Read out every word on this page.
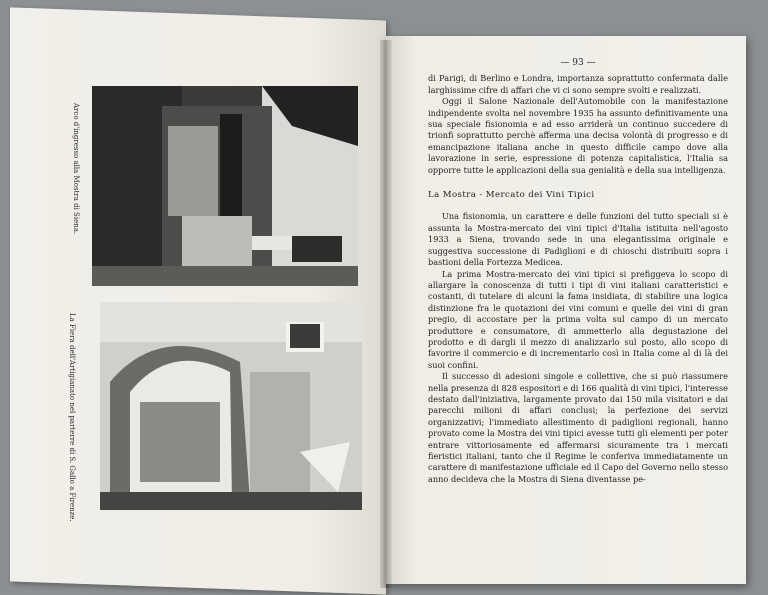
Arco d'ingresso alla Mostra di Siena.
La Fiera dell'Artigianato nel parterre di S. Gallo a Firenze.
— 93 —

di Parigi, di Berlino e Londra, importanza soprattutto confermata dalle larghissime cifre di affari che vi ci sono sempre svolti e realizzati.

Oggi il Salone Nazionale dell'Automobile con la manifestazione indipendente svolta nel novembre 1935 ha assunto definitivamente una sua speciale fisionomia e ad esso arriderà un continuo succedere di trionfi soprattutto perchè afferma una decisa volontà di progresso e di emancipazione italiana anche in questo difficile campo dove alla lavorazione in serie, espressione di potenza capitalistica, l'Italia sa opporre tutte le applicazioni della sua genialità e della sua intelligenza.

La Mostra - Mercato dei Vini Tipici

Una fisionomia, un carattere e delle funzioni del tutto speciali si è assunta la Mostra-mercato dei vini tipici d'Italia istituita nell'agosto 1933 a Siena, trovando sede in una elegantissima originale e suggestiva successione di Padiglioni e di chioschi distribuiti sopra i bastioni della Fortezza Medicea.

La prima Mostra-mercato dei vini tipici si prefiggeva lo scopo di allargare la conoscenza di tutti i tipi di vini italiani caratteristici e costanti, di tutelare di alcuni la fama insidiata, di stabilire una logica distinzione fra le quotazioni dei vini comuni e quelle dei vini di gran pregio, di accostare per la prima volta sul campo di un mercato produttore e consumatore, di ammetterlo alla degustazione del prodotto e di dargli il mezzo di analizzarlo sul posto, allo scopo di favorire il commercio e di incrementarlo così in Italia come al di là dei suoi confini.

Il successo di adesioni singole e collettive, che si può riassumere nella presenza di 828 espositori e di 166 qualità di vini tipici, l'interesse destato dall'iniziativa, largamente provato dai 150 mila visitatori e dai parecchi milioni di affari conclusi; la perfezione dei servizi organizzativi; l'immediato allestimento di padiglioni regionali, hanno provato come la Mostra dei vini tipici avesse tutti gli elementi per poter entrare vittoriosamente ed affermarsi sicuramente tra i mercati fieristici italiani, tanto che il Regime le conferiva immediatamente un carattere di manifestazione ufficiale ed il Capo del Governo nello stesso anno decideva che la Mostra di Siena diventasse pe-
